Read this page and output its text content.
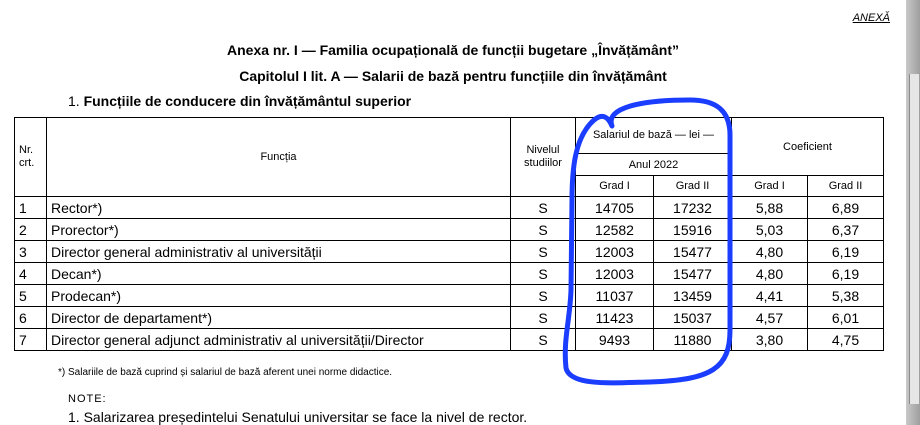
ANEXĂ
Anexa nr. I — Familia ocupațională de funcții bugetare „Învățământ”
Capitolul I lit. A — Salarii de bază pentru funcțiile din învățământ
1. Funcțiile de conducere din învățământul superior
Nr. crt.	Funcția	Nivelul studiilor	Salariul de bază — lei —		Coeficient	
			Anul 2022			
			Grad I	Grad II	Grad I	Grad II
1	Rector*)	S	14705	17232	5,88	6,89
2	Prorector*)	S	12582	15916	5,03	6,37
3	Director general administrativ al universității	S	12003	15477	4,80	6,19
4	Decan*)	S	12003	15477	4,80	6,19
5	Prodecan*)	S	11037	13459	4,41	5,38
6	Director de departament*)	S	11423	15037	4,57	6,01
7	Director general adjunct administrativ al universității/Director	S	9493	11880	3,80	4,75
*) Salariile de bază cuprind și salariul de bază aferent unei norme didactice.
NOTE:
1. Salarizarea președintelui Senatului universitar se face la nivel de rector.
